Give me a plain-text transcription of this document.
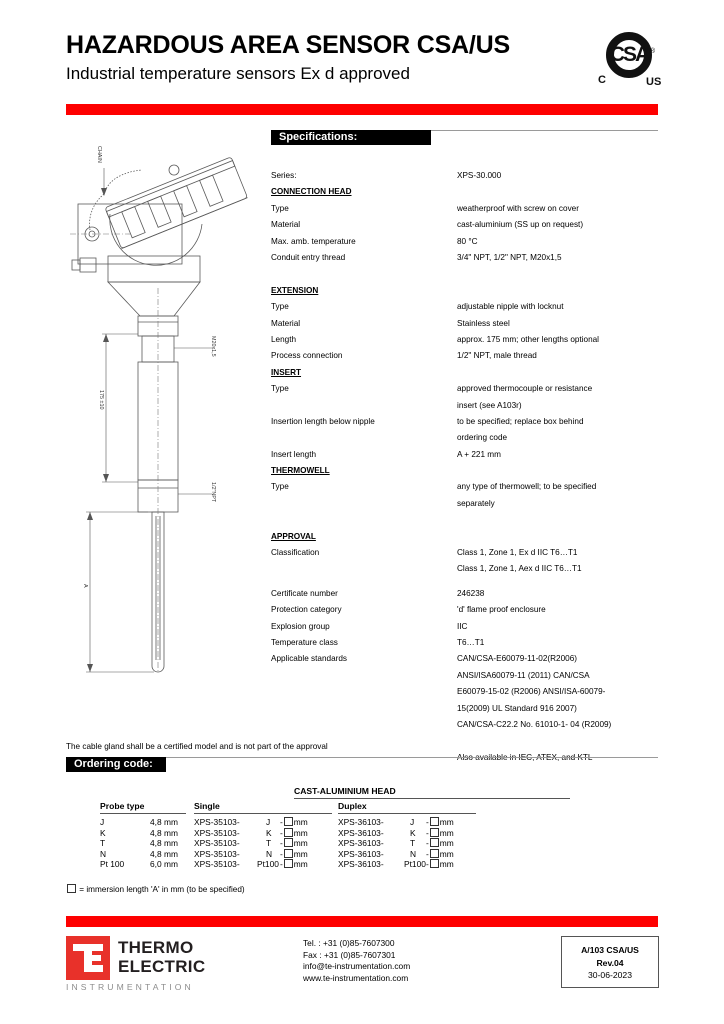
HAZARDOUS AREA SENSOR CSA/US
Industrial temperature sensors Ex d approved
CSA ®
C	US
Specifications:
Series:	XPS-30.000
CONNECTION HEAD
Type	weatherproof with screw on cover
Material	cast-aluminium (SS up on request)
Max. amb. temperature	80 °C
Conduit entry thread	3/4" NPT, 1/2" NPT, M20x1,5
EXTENSION
Type	adjustable nipple with locknut
Material	Stainless steel
Length	approx. 175 mm; other lengths optional
Process connection	1/2" NPT, male thread
INSERT
Type	approved thermocouple or resistance
insert (see A103r)
Insertion length below nipple	to be specified; replace box behind
ordering code
Insert length	A + 221 mm
THERMOWELL
Type	any type of thermowell; to be specified
separately
APPROVAL
Classification	Class 1, Zone 1, Ex d IIC T6…T1
Class 1, Zone 1, Aex d IIC T6…T1
Certificate number	246238
Protection category	'd' flame proof enclosure
Explosion group	IIC
Temperature class	T6…T1
Applicable standards	CAN/CSA-E60079-11-02(R2006)
ANSI/ISA60079-11 (2011) CAN/CSA
E60079-15-02 (R2006) ANSI/ISA-60079-
15(2009) UL Standard 916 2007)
CAN/CSA-C22.2 No. 61010-1- 04 (R2009)
The cable gland shall be a certified model and is not part of the approval
Ordering code:
CAST-ALUMINIUM HEAD
Probe type	Single	Duplex
J	4,8 mm XPS-35103-	J - mm	XPS-36103-	J - mm
K	4,8 mm XPS-35103-	K - mm	XPS-36103-	K - mm
T	4,8 mm XPS-35103-	T - mm	XPS-36103-	T - mm
N	4,8 mm XPS-35103-	N - mm	XPS-36103-	N - mm
Pt 100	6,0 mm XPS-35103- Pt100 - mm	XPS-36103- Pt100 - mm
= immersion length 'A' in mm (to be specified)
THERMO
ELECTRIC
INSTRUMENTATION
Tel. : +31 (0)85-7607300
Fax : +31 (0)85-7607301
info@te-instrumentation.com
www.te-instrumentation.com
A/103 CSA/US
Rev.04
30-06-2023
CHAIN
M20x1,5
1/2"NPT
175 ±10
A
